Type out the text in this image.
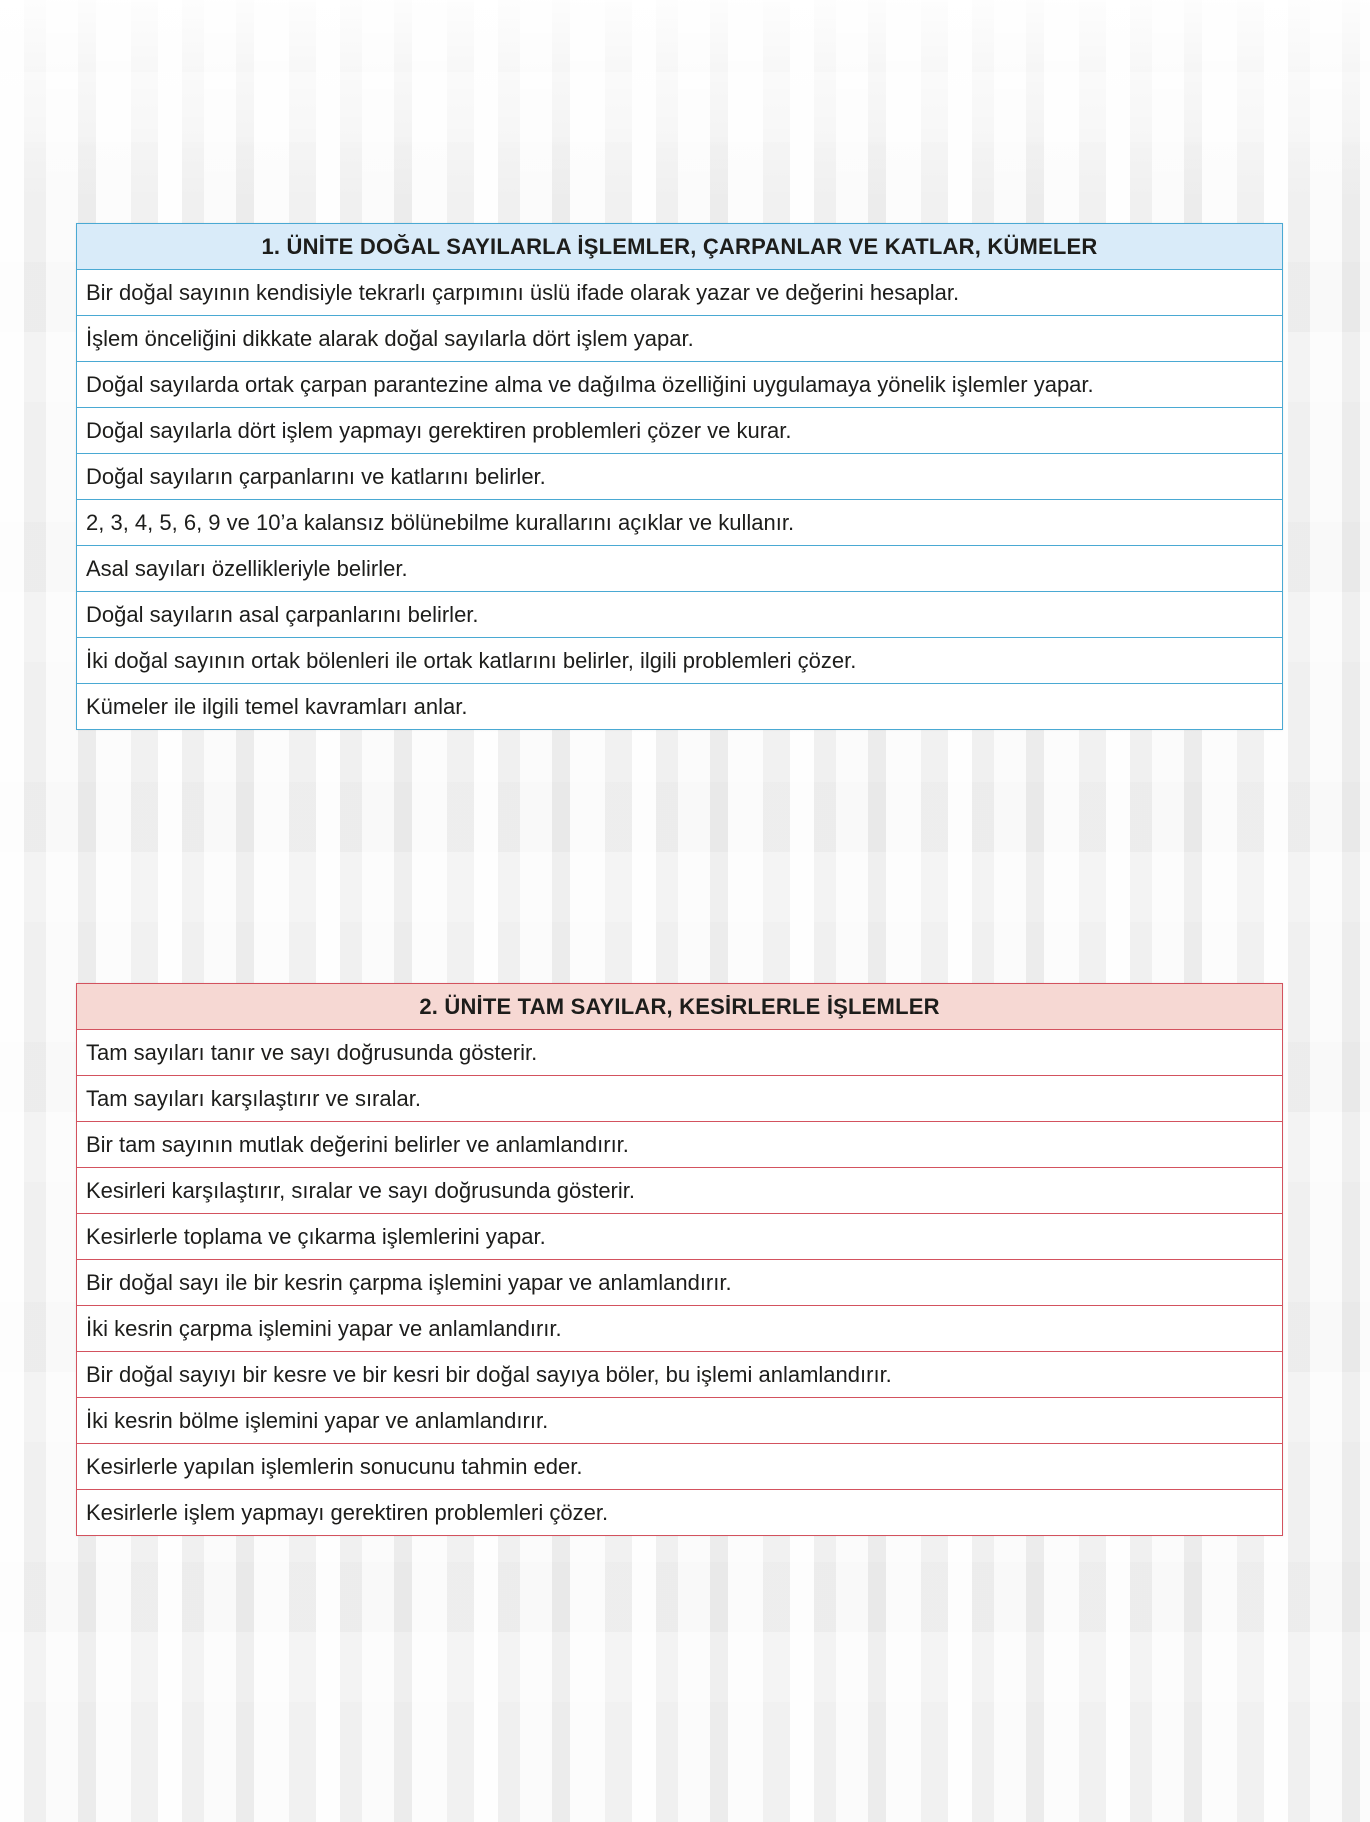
1. ÜNİTE DOĞAL SAYILARLA İŞLEMLER, ÇARPANLAR VE KATLAR, KÜMELER
Bir doğal sayının kendisiyle tekrarlı çarpımını üslü ifade olarak yazar ve değerini hesaplar.
İşlem önceliğini dikkate alarak doğal sayılarla dört işlem yapar.
Doğal sayılarda ortak çarpan parantezine alma ve dağılma özelliğini uygulamaya yönelik işlemler yapar.
Doğal sayılarla dört işlem yapmayı gerektiren problemleri çözer ve kurar.
Doğal sayıların çarpanlarını ve katlarını belirler.
2, 3, 4, 5, 6, 9 ve 10’a kalansız bölünebilme kurallarını açıklar ve kullanır.
Asal sayıları özellikleriyle belirler.
Doğal sayıların asal çarpanlarını belirler.
İki doğal sayının ortak bölenleri ile ortak katlarını belirler, ilgili problemleri çözer.
Kümeler ile ilgili temel kavramları anlar.
2. ÜNİTE TAM SAYILAR, KESİRLERLE İŞLEMLER
Tam sayıları tanır ve sayı doğrusunda gösterir.
Tam sayıları karşılaştırır ve sıralar.
Bir tam sayının mutlak değerini belirler ve anlamlandırır.
Kesirleri karşılaştırır, sıralar ve sayı doğrusunda gösterir.
Kesirlerle toplama ve çıkarma işlemlerini yapar.
Bir doğal sayı ile bir kesrin çarpma işlemini yapar ve anlamlandırır.
İki kesrin çarpma işlemini yapar ve anlamlandırır.
Bir doğal sayıyı bir kesre ve bir kesri bir doğal sayıya böler, bu işlemi anlamlandırır.
İki kesrin bölme işlemini yapar ve anlamlandırır.
Kesirlerle yapılan işlemlerin sonucunu tahmin eder.
Kesirlerle işlem yapmayı gerektiren problemleri çözer.
